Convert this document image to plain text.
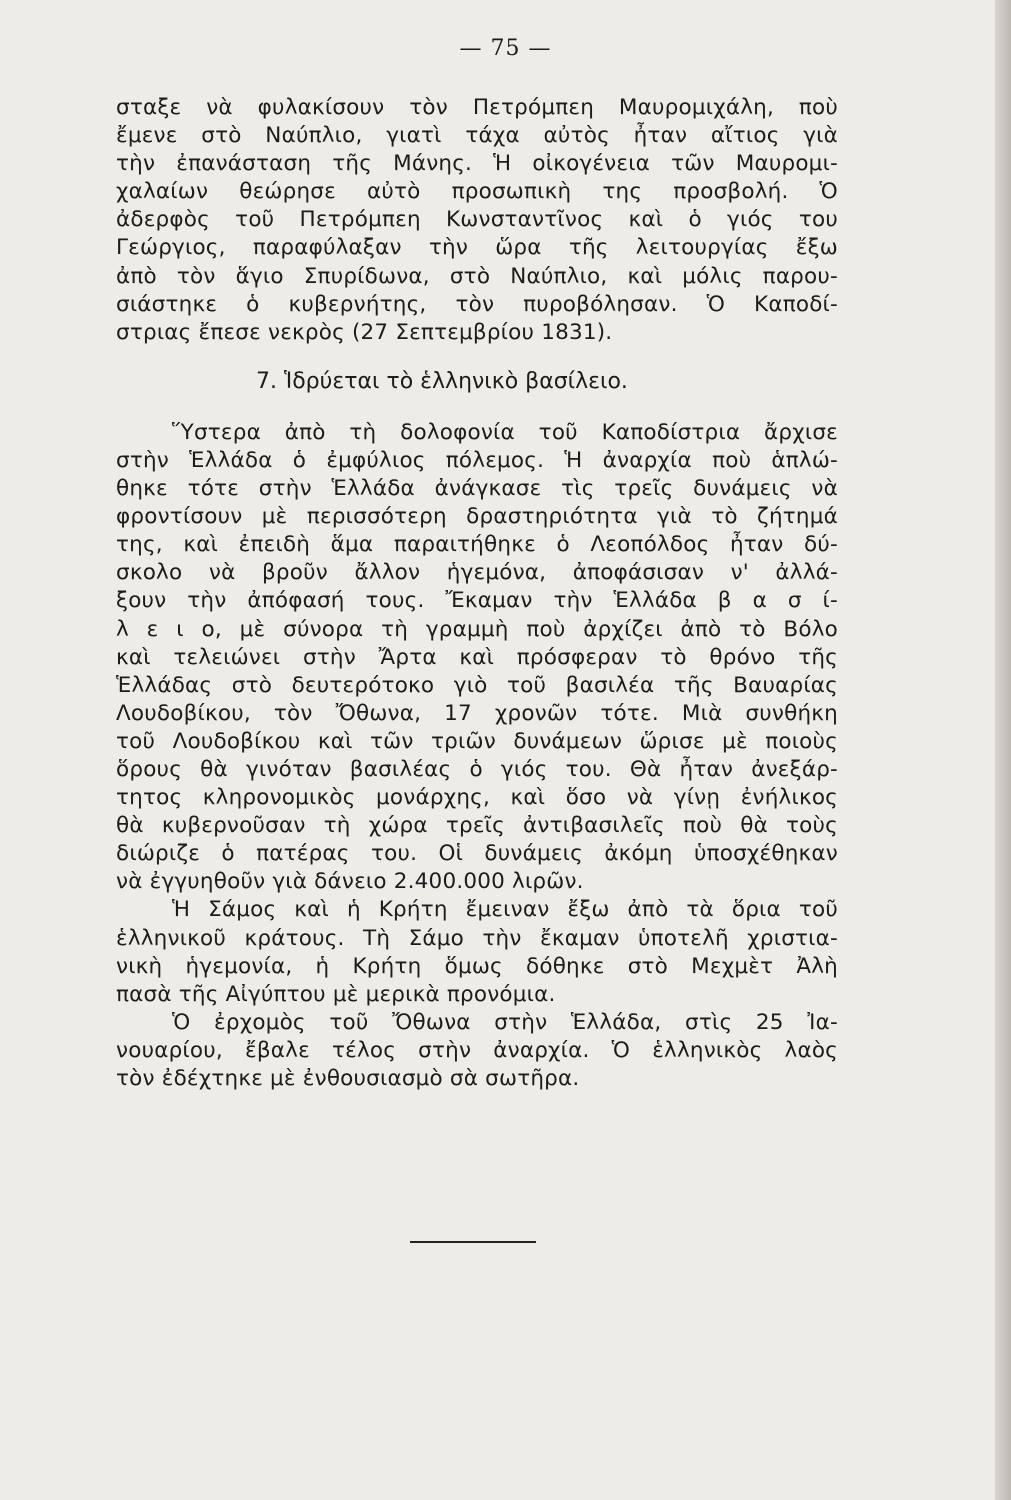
— 75 —
σταξε νὰ φυλακίσουν τὸν Πετρόμπεη Μαυρομιχάλη, ποὺ
ἔμενε στὸ Ναύπλιο, γιατὶ τάχα αὐτὸς ἦταν αἴτιος γιὰ
τὴν ἐπανάσταση τῆς Μάνης. Ἡ οἰκογένεια τῶν Μαυρομι-
χαλαίων θεώρησε αὐτὸ προσωπικὴ της προσβολή. Ὁ
ἀδερφὸς τοῦ Πετρόμπεη Κωνσταντῖνος καὶ ὁ γιός του
Γεώργιος, παραφύλαξαν τὴν ὥρα τῆς λειτουργίας ἔξω
ἀπὸ τὸν ἅγιο Σπυρίδωνα, στὸ Ναύπλιο, καὶ μόλις παρου-
σιάστηκε ὁ κυβερνήτης, τὸν πυροβόλησαν. Ὁ Καποδί-
στριας ἔπεσε νεκρὸς (27 Σεπτεμβρίου 1831).
7. Ἱδρύεται τὸ ἑλληνικὸ βασίλειο.
Ὕστερα ἀπὸ τὴ δολοφονία τοῦ Καποδίστρια ἄρχισε
στὴν Ἑλλάδα ὁ ἐμφύλιος πόλεμος. Ἡ ἀναρχία ποὺ ἁπλώ-
θηκε τότε στὴν Ἑλλάδα ἀνάγκασε τὶς τρεῖς δυνάμεις νὰ
φροντίσουν μὲ περισσότερη δραστηριότητα γιὰ τὸ ζήτημά
της, καὶ ἐπειδὴ ἅμα παραιτήθηκε ὁ Λεοπόλδος ἦταν δύ-
σκολο νὰ βροῦν ἄλλον ἡγεμόνα, ἀποφάσισαν ν' ἀλλά-
ξουν τὴν ἀπόφασή τους. Ἔκαμαν τὴν Ἑλλάδα β α σ ί-
λ ε ι ο, μὲ σύνορα τὴ γραμμὴ ποὺ ἀρχίζει ἀπὸ τὸ Βόλο
καὶ τελειώνει στὴν Ἄρτα καὶ πρόσφεραν τὸ θρόνο τῆς
Ἑλλάδας στὸ δευτερότοκο γιὸ τοῦ βασιλέα τῆς Βαυαρίας
Λουδοβίκου, τὸν Ὄθωνα, 17 χρονῶν τότε. Μιὰ συνθήκη
τοῦ Λουδοβίκου καὶ τῶν τριῶν δυνάμεων ὥρισε μὲ ποιοὺς
ὅρους θὰ γινόταν βασιλέας ὁ γιός του. Θὰ ἦταν ἀνεξάρ-
τητος κληρονομικὸς μονάρχης, καὶ ὅσο νὰ γίνῃ ἐνήλικος
θὰ κυβερνοῦσαν τὴ χώρα τρεῖς ἀντιβασιλεῖς ποὺ θὰ τοὺς
διώριζε ὁ πατέρας του. Οἱ δυνάμεις ἀκόμη ὑποσχέθηκαν
νὰ ἐγγυηθοῦν γιὰ δάνειο 2.400.000 λιρῶν.
Ἡ Σάμος καὶ ἡ Κρήτη ἔμειναν ἔξω ἀπὸ τὰ ὅρια τοῦ
ἑλληνικοῦ κράτους. Τὴ Σάμο τὴν ἔκαμαν ὑποτελῆ χριστια-
νικὴ ἡγεμονία, ἡ Κρήτη ὅμως δόθηκε στὸ Μεχμὲτ Ἀλὴ
πασὰ τῆς Αἰγύπτου μὲ μερικὰ προνόμια.
Ὁ ἐρχομὸς τοῦ Ὄθωνα στὴν Ἑλλάδα, στὶς 25 Ἰα-
νουαρίου, ἔβαλε τέλος στὴν ἀναρχία. Ὁ ἑλληνικὸς λαὸς
τὸν ἐδέχτηκε μὲ ἐνθουσιασμὸ σὰ σωτῆρα.
